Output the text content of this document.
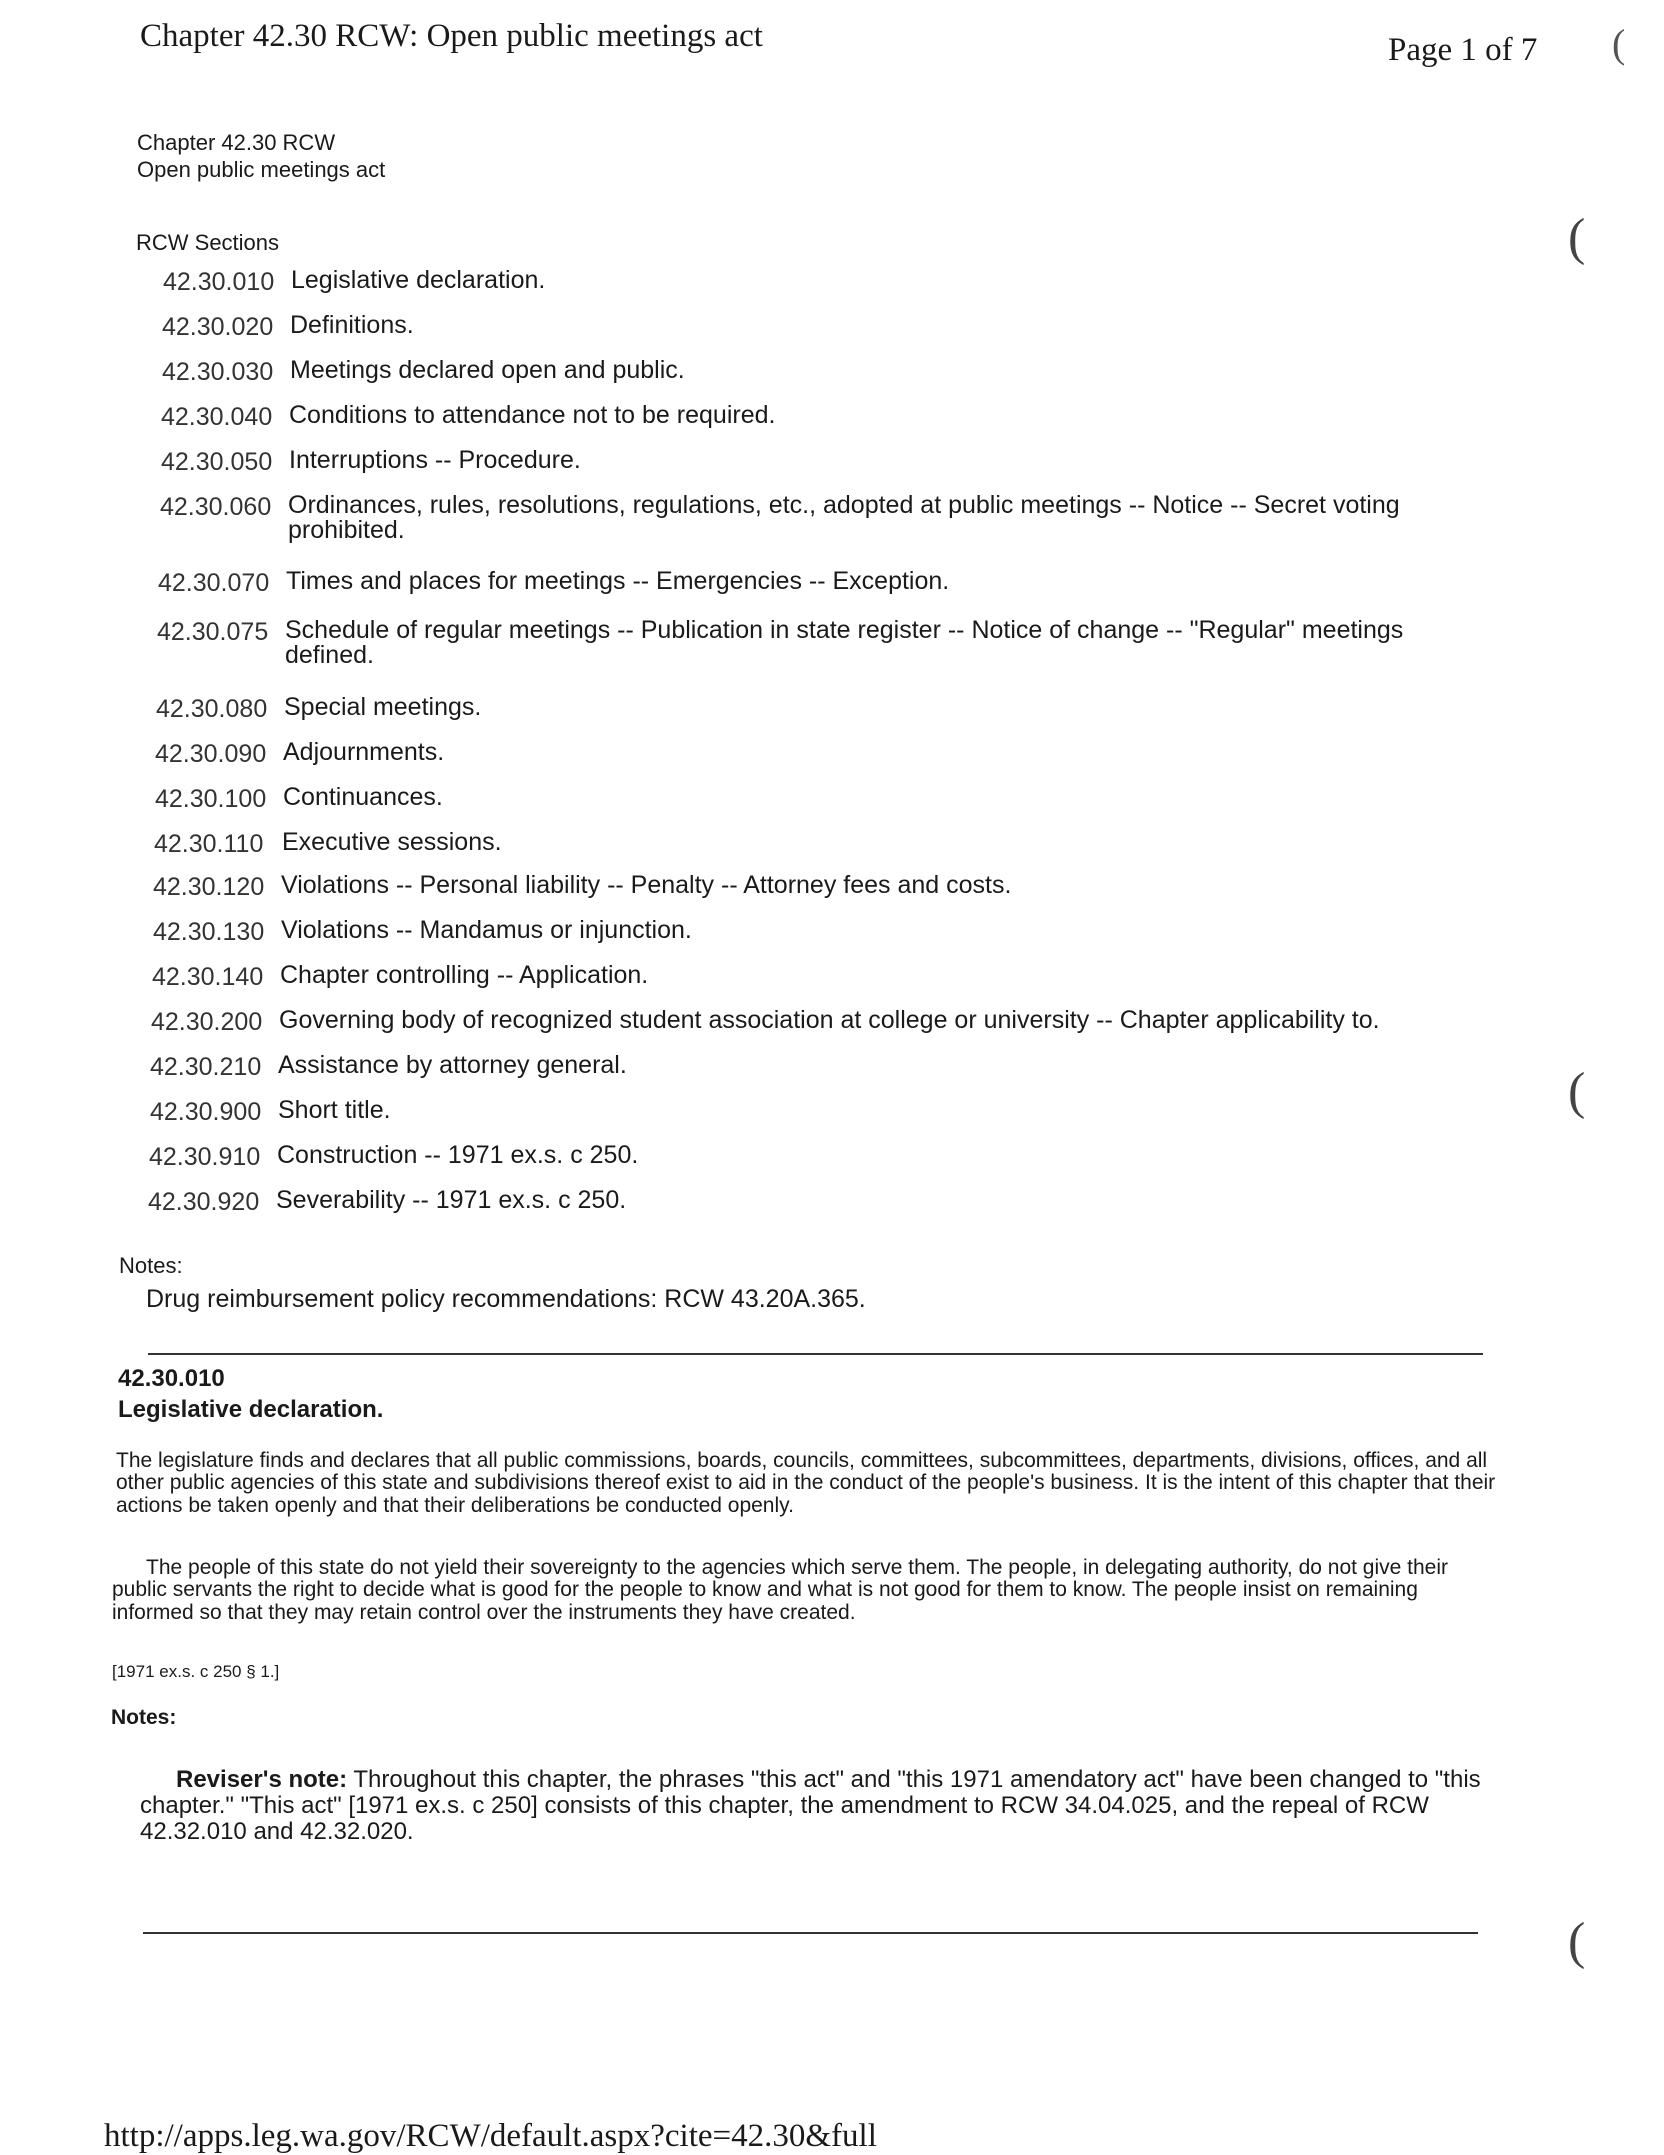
Chapter 42.30 RCW: Open public meetings act	Page 1 of 7
Chapter 42.30 RCW
Open public meetings act
RCW Sections
42.30.010 Legislative declaration.
42.30.020 Definitions.
42.30.030 Meetings declared open and public.
42.30.040 Conditions to attendance not to be required.
42.30.050 Interruptions -- Procedure.
42.30.060 Ordinances, rules, resolutions, regulations, etc., adopted at public meetings -- Notice -- Secret voting prohibited.
42.30.070 Times and places for meetings -- Emergencies -- Exception.
42.30.075 Schedule of regular meetings -- Publication in state register -- Notice of change -- "Regular" meetings defined.
42.30.080 Special meetings.
42.30.090 Adjournments.
42.30.100 Continuances.
42.30.110 Executive sessions.
42.30.120 Violations -- Personal liability -- Penalty -- Attorney fees and costs.
42.30.130 Violations -- Mandamus or injunction.
42.30.140 Chapter controlling -- Application.
42.30.200 Governing body of recognized student association at college or university -- Chapter applicability to.
42.30.210 Assistance by attorney general.
42.30.900 Short title.
42.30.910 Construction -- 1971 ex.s. c 250.
42.30.920 Severability -- 1971 ex.s. c 250.
Notes:
Drug reimbursement policy recommendations: RCW 43.20A.365.
42.30.010
Legislative declaration.
The legislature finds and declares that all public commissions, boards, councils, committees, subcommittees, departments, divisions, offices, and all other public agencies of this state and subdivisions thereof exist to aid in the conduct of the people's business. It is the intent of this chapter that their actions be taken openly and that their deliberations be conducted openly.
The people of this state do not yield their sovereignty to the agencies which serve them. The people, in delegating authority, do not give their public servants the right to decide what is good for the people to know and what is not good for them to know. The people insist on remaining informed so that they may retain control over the instruments they have created.
[1971 ex.s. c 250 § 1.]
Notes:
Reviser's note: Throughout this chapter, the phrases "this act" and "this 1971 amendatory act" have been changed to "this chapter." "This act" [1971 ex.s. c 250] consists of this chapter, the amendment to RCW 34.04.025, and the repeal of RCW 42.32.010 and 42.32.020.
http://apps.leg.wa.gov/RCW/default.aspx?cite=42.30&full
(
(
(
(
